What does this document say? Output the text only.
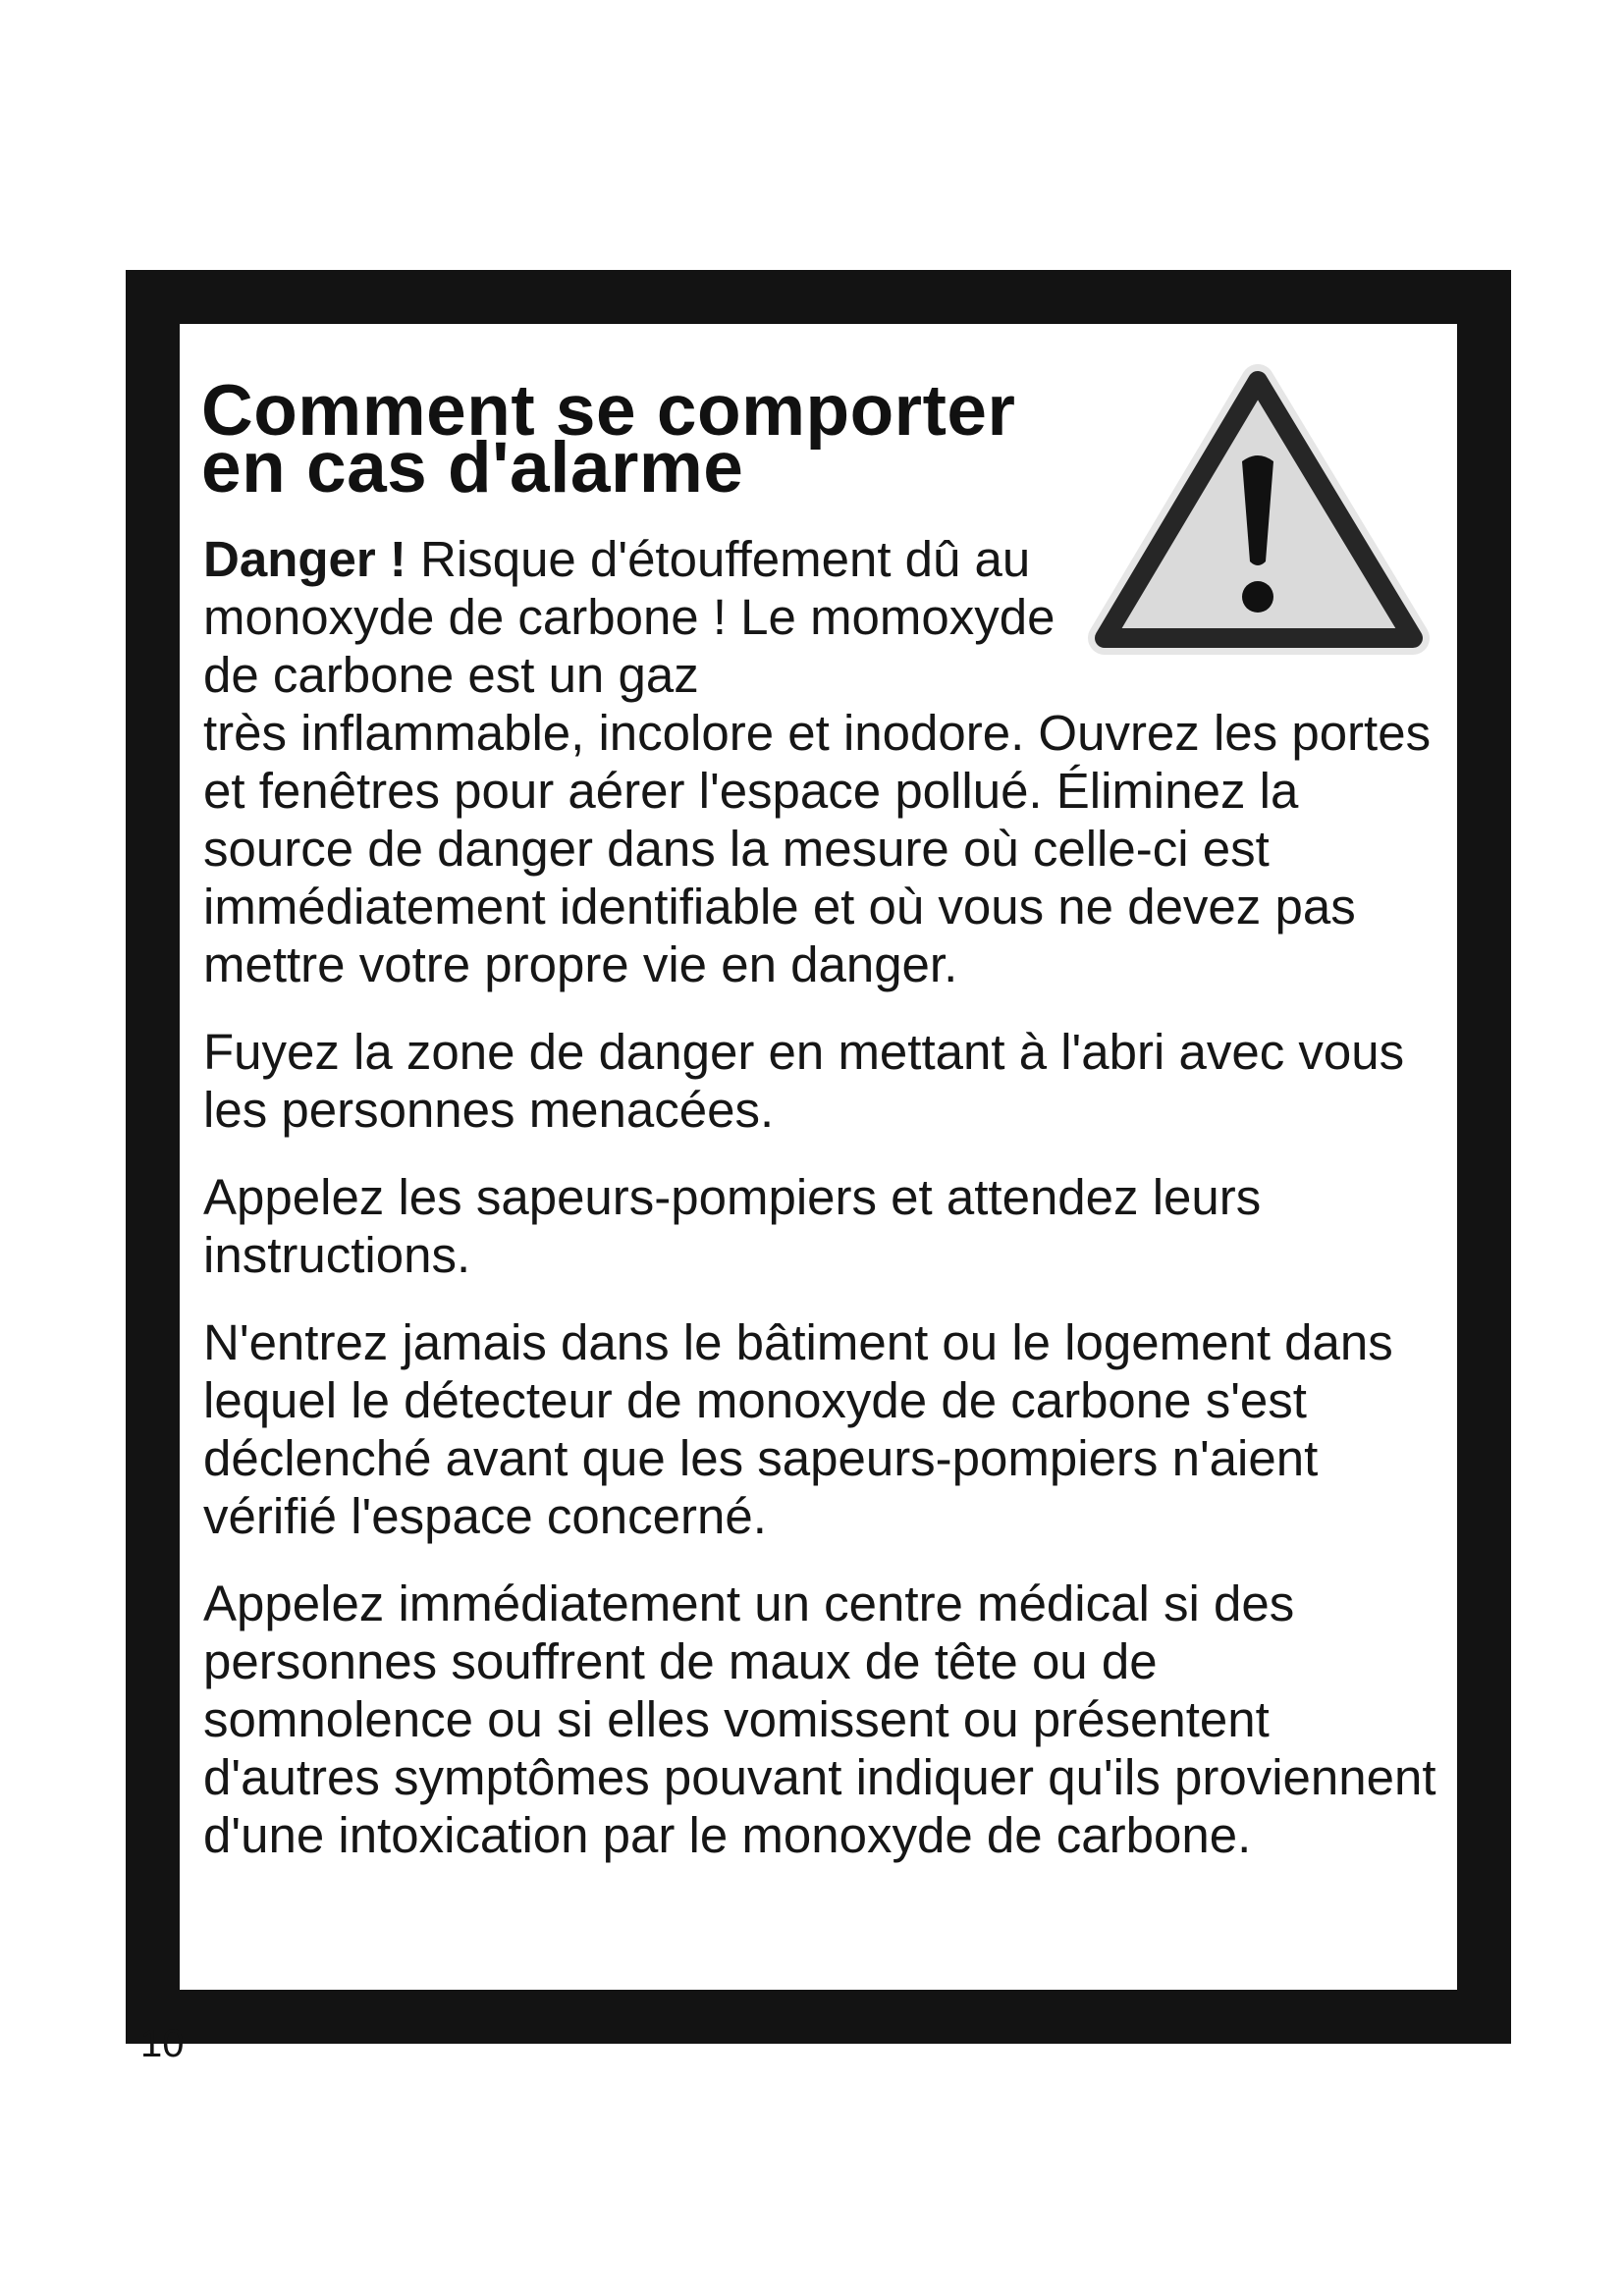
Comment se comporter
en cas d'alarme

Danger ! Risque d'étouffement dû au monoxyde de carbone ! Le momoxyde de carbone est un gaz

très inflammable, incolore et inodore. Ouvrez les portes et fenêtres pour aérer l'espace pollué. Éliminez la source de danger dans la mesure où celle-ci est immédiatement identifiable et où vous ne devez pas mettre votre propre vie en danger.

Fuyez la zone de danger en mettant à l'abri avec vous les personnes menacées.

Appelez les sapeurs-pompiers et attendez leurs instructions.

N'entrez jamais dans le bâtiment ou le logement dans lequel le détecteur de monoxyde de carbone s'est déclenché avant que les sapeurs-pompiers n'aient vérifié l'espace concerné.

Appelez immédiatement un centre médical si des personnes souffrent de maux de tête ou de somnolence ou si elles vomissent ou présentent d'autres symptômes pouvant indiquer qu'ils proviennent d'une intoxication par le monoxyde de carbone.

10
